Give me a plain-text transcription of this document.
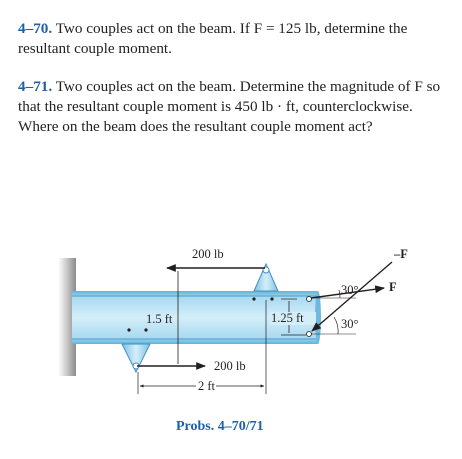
4–70. Two couples act on the beam. If F = 125 lb, determine the resultant couple moment.

4–71. Two couples act on the beam. Determine the magnitude of F so that the resultant couple moment is 450 lb · ft, counterclockwise. Where on the beam does the resultant couple moment act?

200 lb
200 lb
1.5 ft
2 ft
1.25 ft
F
30°
–F
30°
Probs. 4–70/71
